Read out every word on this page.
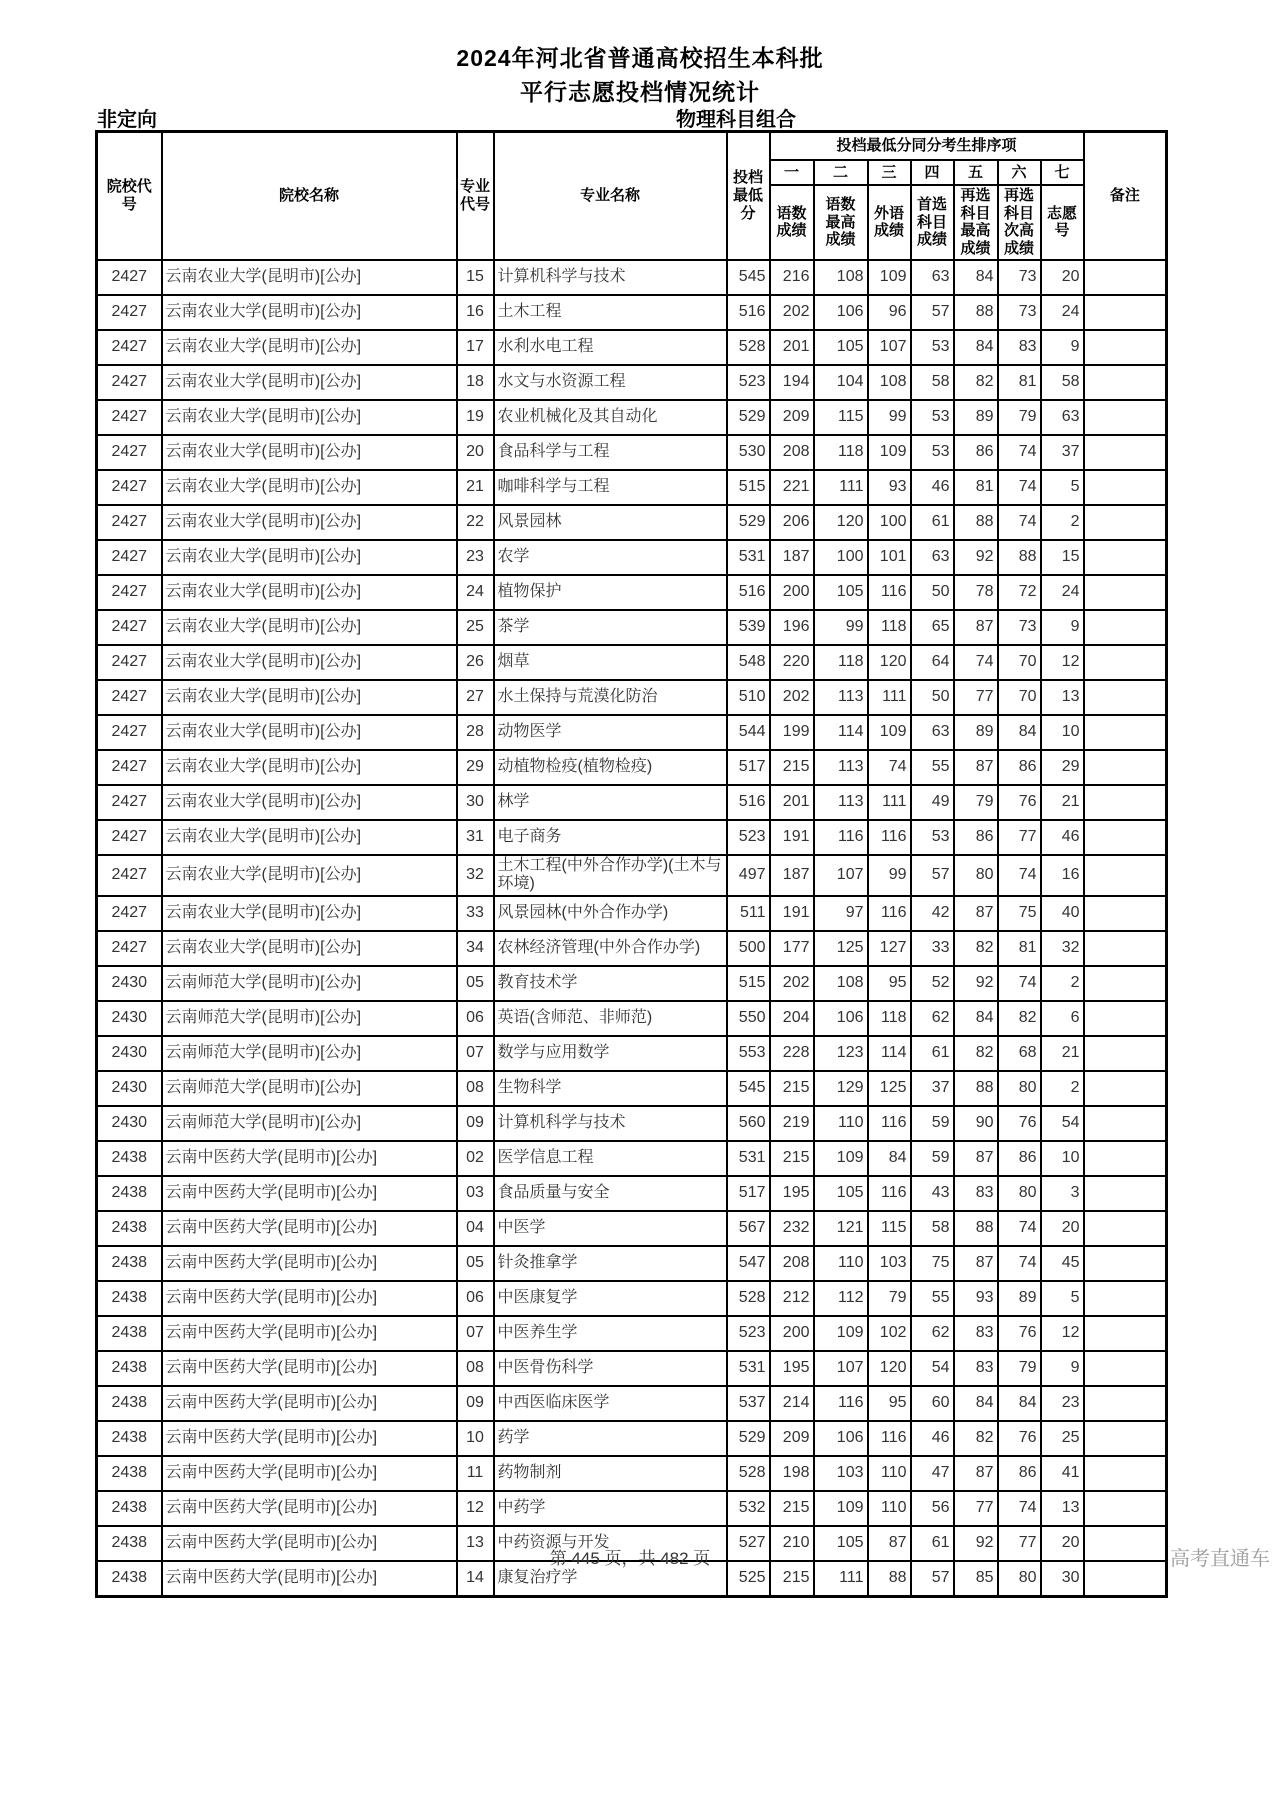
2024年河北省普通高校招生本科批
平行志愿投档情况统计
非定向	物理科目组合
院校代号	院校名称	专业代号	专业名称	投档最低分	投档最低分同分考生排序项							备注
					一	二	三	四	五	六	七	
					语数成绩	语数最高成绩	外语成绩	首选科目成绩	再选科目最高成绩	再选科目次高成绩	志愿号	
2427	云南农业大学(昆明市)[公办]	15	计算机科学与技术	545	216	108	109	63	84	73	20	
2427	云南农业大学(昆明市)[公办]	16	土木工程	516	202	106	96	57	88	73	24	
2427	云南农业大学(昆明市)[公办]	17	水利水电工程	528	201	105	107	53	84	83	9	
2427	云南农业大学(昆明市)[公办]	18	水文与水资源工程	523	194	104	108	58	82	81	58	
2427	云南农业大学(昆明市)[公办]	19	农业机械化及其自动化	529	209	115	99	53	89	79	63	
2427	云南农业大学(昆明市)[公办]	20	食品科学与工程	530	208	118	109	53	86	74	37	
2427	云南农业大学(昆明市)[公办]	21	咖啡科学与工程	515	221	111	93	46	81	74	5	
2427	云南农业大学(昆明市)[公办]	22	风景园林	529	206	120	100	61	88	74	2	
2427	云南农业大学(昆明市)[公办]	23	农学	531	187	100	101	63	92	88	15	
2427	云南农业大学(昆明市)[公办]	24	植物保护	516	200	105	116	50	78	72	24	
2427	云南农业大学(昆明市)[公办]	25	茶学	539	196	99	118	65	87	73	9	
2427	云南农业大学(昆明市)[公办]	26	烟草	548	220	118	120	64	74	70	12	
2427	云南农业大学(昆明市)[公办]	27	水土保持与荒漠化防治	510	202	113	111	50	77	70	13	
2427	云南农业大学(昆明市)[公办]	28	动物医学	544	199	114	109	63	89	84	10	
2427	云南农业大学(昆明市)[公办]	29	动植物检疫(植物检疫)	517	215	113	74	55	87	86	29	
2427	云南农业大学(昆明市)[公办]	30	林学	516	201	113	111	49	79	76	21	
2427	云南农业大学(昆明市)[公办]	31	电子商务	523	191	116	116	53	86	77	46	
2427	云南农业大学(昆明市)[公办]	32	土木工程(中外合作办学)(土木与环境)	497	187	107	99	57	80	74	16	
2427	云南农业大学(昆明市)[公办]	33	风景园林(中外合作办学)	511	191	97	116	42	87	75	40	
2427	云南农业大学(昆明市)[公办]	34	农林经济管理(中外合作办学)	500	177	125	127	33	82	81	32	
2430	云南师范大学(昆明市)[公办]	05	教育技术学	515	202	108	95	52	92	74	2	
2430	云南师范大学(昆明市)[公办]	06	英语(含师范、非师范)	550	204	106	118	62	84	82	6	
2430	云南师范大学(昆明市)[公办]	07	数学与应用数学	553	228	123	114	61	82	68	21	
2430	云南师范大学(昆明市)[公办]	08	生物科学	545	215	129	125	37	88	80	2	
2430	云南师范大学(昆明市)[公办]	09	计算机科学与技术	560	219	110	116	59	90	76	54	
2438	云南中医药大学(昆明市)[公办]	02	医学信息工程	531	215	109	84	59	87	86	10	
2438	云南中医药大学(昆明市)[公办]	03	食品质量与安全	517	195	105	116	43	83	80	3	
2438	云南中医药大学(昆明市)[公办]	04	中医学	567	232	121	115	58	88	74	20	
2438	云南中医药大学(昆明市)[公办]	05	针灸推拿学	547	208	110	103	75	87	74	45	
2438	云南中医药大学(昆明市)[公办]	06	中医康复学	528	212	112	79	55	93	89	5	
2438	云南中医药大学(昆明市)[公办]	07	中医养生学	523	200	109	102	62	83	76	12	
2438	云南中医药大学(昆明市)[公办]	08	中医骨伤科学	531	195	107	120	54	83	79	9	
2438	云南中医药大学(昆明市)[公办]	09	中西医临床医学	537	214	116	95	60	84	84	23	
2438	云南中医药大学(昆明市)[公办]	10	药学	529	209	106	116	46	82	76	25	
2438	云南中医药大学(昆明市)[公办]	11	药物制剂	528	198	103	110	47	87	86	41	
2438	云南中医药大学(昆明市)[公办]	12	中药学	532	215	109	110	56	77	74	13	
2438	云南中医药大学(昆明市)[公办]	13	中药资源与开发	527	210	105	87	61	92	77	20	
2438	云南中医药大学(昆明市)[公办]	14	康复治疗学	525	215	111	88	57	85	80	30	
第 445 页，共 482 页	高考直通车
